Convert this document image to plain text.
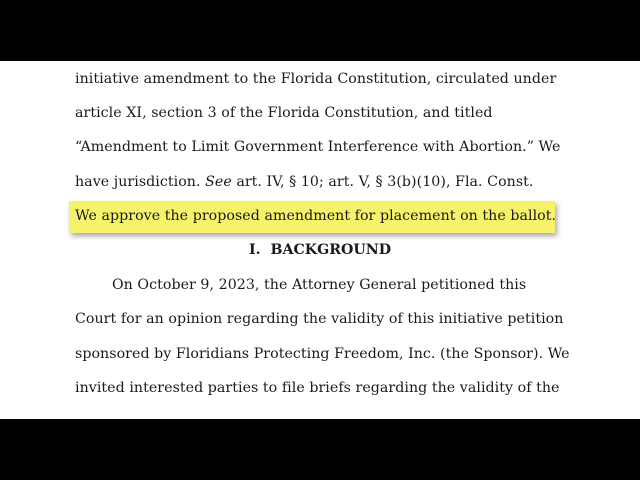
initiative amendment to the Florida Constitution, circulated under
article XI, section 3 of the Florida Constitution, and titled
“Amendment to Limit Government Interference with Abortion.” We
have jurisdiction. See art. IV, § 10; art. V, § 3(b)(10), Fla. Const.
We approve the proposed amendment for placement on the ballot.
I. BACKGROUND
On October 9, 2023, the Attorney General petitioned this
Court for an opinion regarding the validity of this initiative petition
sponsored by Floridians Protecting Freedom, Inc. (the Sponsor). We
invited interested parties to file briefs regarding the validity of the
